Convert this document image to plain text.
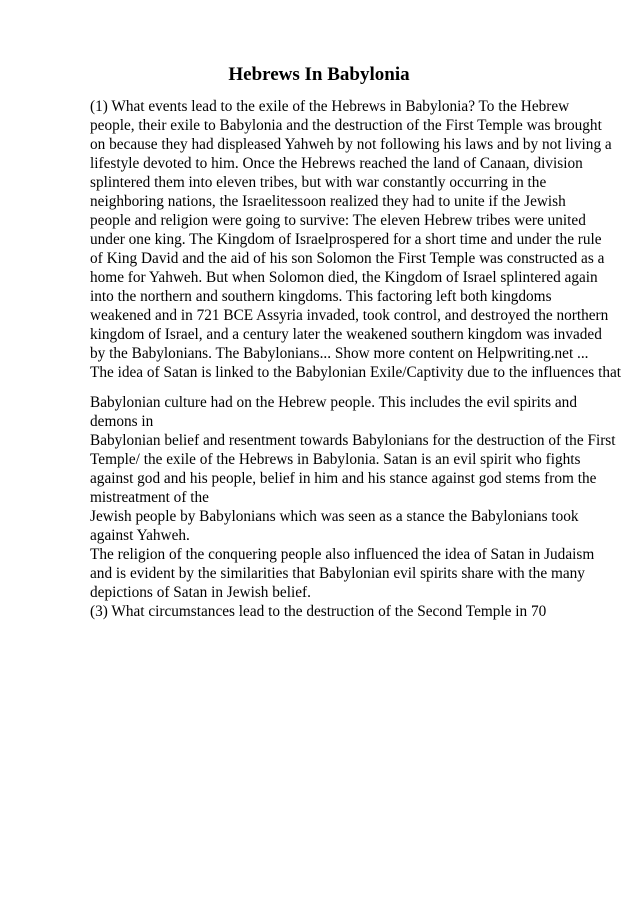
Hebrews In Babylonia
(1) What events lead to the exile of the Hebrews in Babylonia? To the Hebrew
people, their exile to Babylonia and the destruction of the First Temple was brought
on because they had displeased Yahweh by not following his laws and by not living a
lifestyle devoted to him. Once the Hebrews reached the land of Canaan, division
splintered them into eleven tribes, but with war constantly occurring in the
neighboring nations, the Israelitessoon realized they had to unite if the Jewish
people and religion were going to survive: The eleven Hebrew tribes were united
under one king. The Kingdom of Israelprospered for a short time and under the rule
of King David and the aid of his son Solomon the First Temple was constructed as a
home for Yahweh. But when Solomon died, the Kingdom of Israel splintered again
into the northern and southern kingdoms. This factoring left both kingdoms
weakened and in 721 BCE Assyria invaded, took control, and destroyed the northern
kingdom of Israel, and a century later the weakened southern kingdom was invaded
by the Babylonians. The Babylonians... Show more content on Helpwriting.net ...
The idea of Satan is linked to the Babylonian Exile/Captivity due to the influences that
Babylonian culture had on the Hebrew people. This includes the evil spirits and
demons in
Babylonian belief and resentment towards Babylonians for the destruction of the First
Temple/ the exile of the Hebrews in Babylonia. Satan is an evil spirit who fights
against god and his people, belief in him and his stance against god stems from the
mistreatment of the
Jewish people by Babylonians which was seen as a stance the Babylonians took
against Yahweh.
The religion of the conquering people also influenced the idea of Satan in Judaism
and is evident by the similarities that Babylonian evil spirits share with the many
depictions of Satan in Jewish belief.
(3) What circumstances lead to the destruction of the Second Temple in 70
